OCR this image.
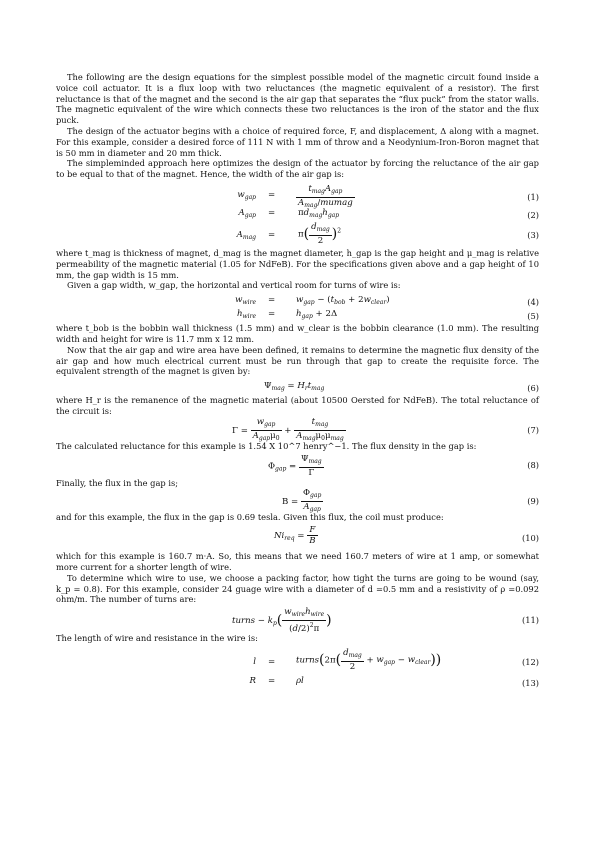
The following are the design equations for the simplest possible model of the magnetic circuit found inside a voice coil actuator. It is a flux loop with two reluctances (the magnetic equivalent of a resistor). The first reluctance is that of the magnet and the second is the air gap that separates the “flux puck” from the stator walls. The magnetic equivalent of the wire which connects these two reluctances is the iron of the stator and the flux puck.

The design of the actuator begins with a choice of required force, F, and displacement, Δ along with a magnet. For this example, consider a desired force of 111 N with 1 mm of throw and a Neodynium-Iron-Boron magnet that is 50 mm in diameter and 20 mm thick.

The simpleminded approach here optimizes the design of the actuator by forcing the reluctance of the air gap to be equal to that of the magnet. Hence, the width of the air gap is:

$w_{gap} = \frac{t_{mag}A_{gap}}{A_{mag}/mumag}$	(1)
$A_{gap}$ =	$\pi d_{mag}h_{gap}$	(2)
$A_{mag}$ =	$\pi( \frac{d_{mag}}{2} )^2$	(3)

where t_mag is thickness of magnet, d_mag is the magnet diameter, h_gap is the gap height and μ_mag is relative permeability of the magnetic material (1.05 for NdFeB). For the specifications given above and a gap height of 10 mm, the gap width is 15 mm.

Given a gap width, w_gap, the horizontal and vertical room for turns of wire is:

$w_{wire} = w_{gap} - (t_{bob} + 2w_{clear})$	(4)
$h_{wire} = h_{gap} + 2\Delta$	(5)

where t_bob is the bobbin wall thickness (1.5 mm) and w_clear is the bobbin clearance (1.0 mm). The resulting width and height for wire is 11.7 mm x 12 mm.

Now that the air gap and wire area have been defined, it remains to determine the magnetic flux density of the air gap and how much electrical current must be run through that gap to create the requisite force. The equivalent strength of the magnet is given by:

$\Psi_{mag} = H_rt_{mag}$	(6)

where H_r is the remanence of the magnetic material (about 10500 Oersted for NdFeB). The total reluctance of the circuit is:

$\Gamma = \frac{w_{gap}}{A_{gap}\mu_0} + \frac{t_{mag}}{A_{mag}\mu_0\mu_{mag}}$	(7)

The calculated reluctance for this example is 1.54 X 10^7 henry^−1. The flux density in the gap is:

$\Phi_{gap} = \frac{\Psi_{mag}}{\Gamma}$	(8)

Finally, the flux in the gap is;

$B = \frac{\Phi_{gap}}{A_{gap}}$	(9)

and for this example, the flux in the gap is 0.69 tesla. Given this flux, the coil must produce:

$Ni_{req} = \frac{F}{B}$	(10)

which for this example is 160.7 m·A. So, this means that we need 160.7 meters of wire at 1 amp, or somewhat more current for a shorter length of wire.

To determine which wire to use, we choose a packing factor, how tight the turns are going to be wound (say, k_p = 0.8). For this example, consider 24 guage wire with a diameter of d =0.5 mm and a resistivity of ρ =0.092 ohm/m. The number of turns are:

turns − $k_p( \frac{w_{wire}h_{wire}}{(d/2)^2\pi}$ )	(11)

The length of wire and resistance in the wire is:

l = turns(2π( $\frac{d_{mag}}{2} + w_{gap} - w_{clear}$))	(12)
R = ρl	(13)
